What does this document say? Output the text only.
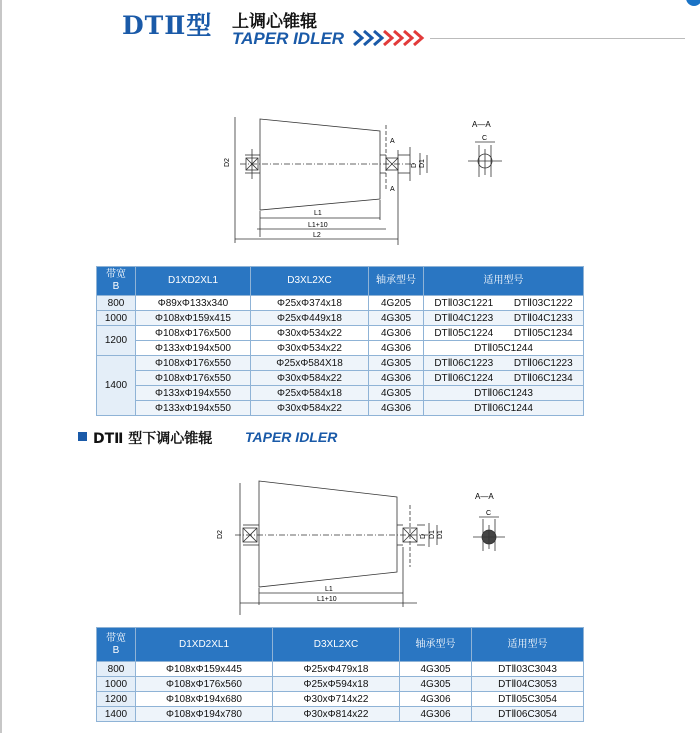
DTⅡ型 上调心锥辊
TAPER IDLER
D2	D1
D
A
A
L1
L1+10
L2
A—A
C
带宽
B	D1XD2XL1	D3XL2XC	轴承型号	适用型号
800	Φ89xΦ133x340	Φ25xΦ374x18	4G205	DTⅡ03C1221 DTⅡ03C1222

1000	Φ108xΦ159x415	Φ25xΦ449x18	4G305	DTⅡ04C1223 DTⅡ04C1233

1200	Φ108xΦ176x500	Φ30xΦ534x22	4G306	DTⅡ05C1224 DTⅡ05C1234

	Φ133xΦ194x500	Φ30xΦ534x22	4G306	DTⅡ05C1244
1400	Φ108xΦ176x550	Φ25xΦ584X18	4G305	DTⅡ06C1223 DTⅡ06C1223

	Φ108xΦ176x550	Φ30xΦ584x22	4G306	DTⅡ06C1224 DTⅡ06C1234

	Φ133xΦ194x550	Φ25xΦ584x18	4G305	DTⅡ06C1243
	Φ133xΦ194x550	Φ30xΦ584x22	4G306	DTⅡ06C1244
DTⅡ 型下调心锥辊 TAPER IDLER
D2	D D1 D1
L1
L1+10
A—A
C
带宽
B	D1XD2XL1	D3XL2XC	轴承型号	适用型号
800	Φ108xΦ159x445	Φ25xΦ479x18	4G305	DTⅡ03C3043
1000	Φ108xΦ176x560	Φ25xΦ594x18	4G305	DTⅡ04C3053
1200	Φ108xΦ194x680	Φ30xΦ714x22	4G306	DTⅡ05C3054
1400	Φ108xΦ194x780	Φ30xΦ814x22	4G306	DTⅡ06C3054
